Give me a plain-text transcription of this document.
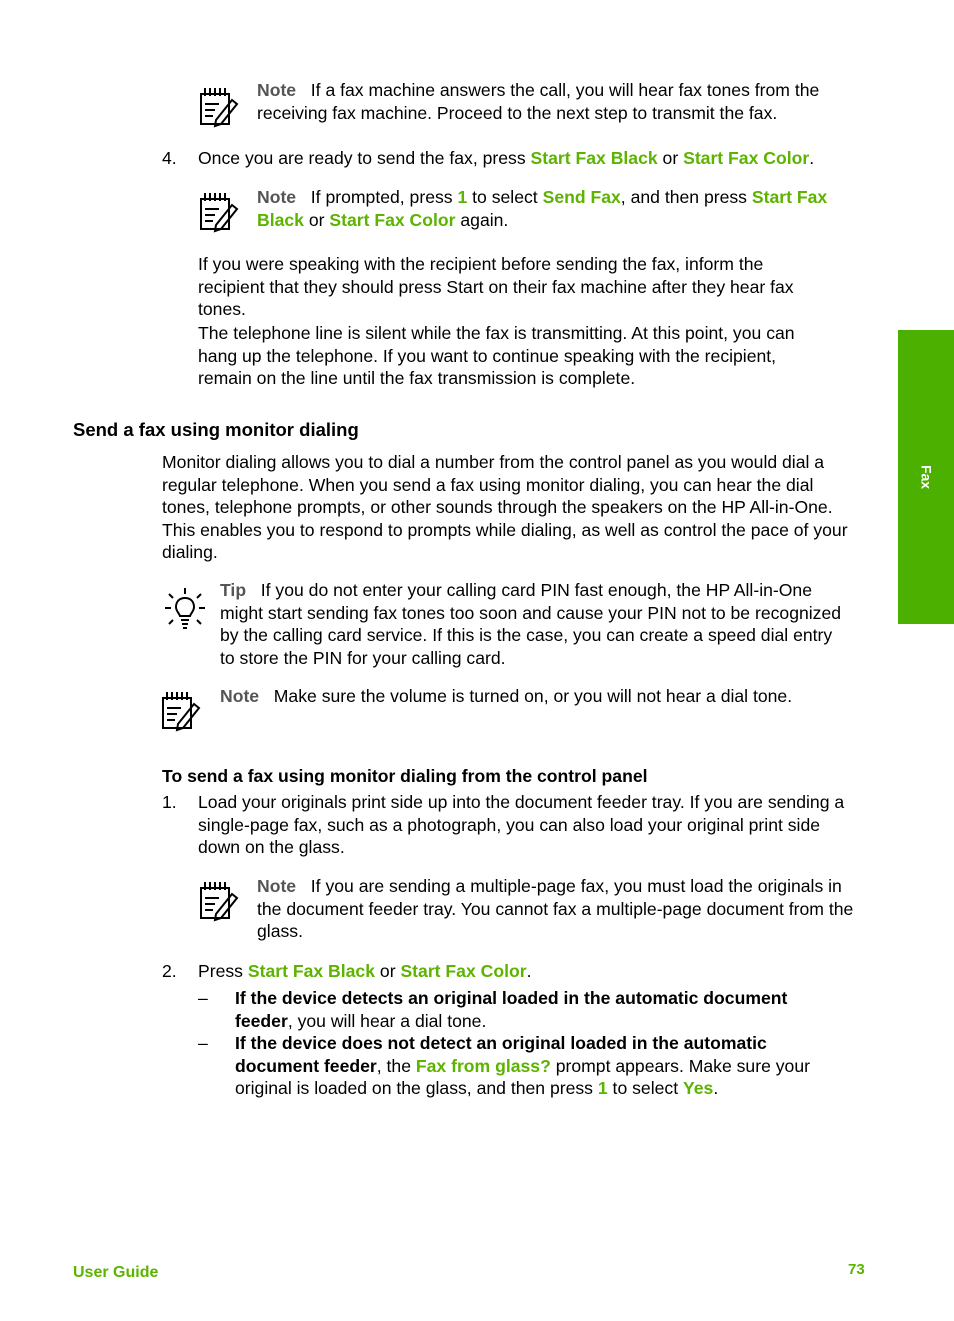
Note If a fax machine answers the call, you will hear fax tones from the receiving fax machine. Proceed to the next step to transmit the fax.

4. Once you are ready to send the fax, press Start Fax Black or Start Fax Color.

Note If prompted, press 1 to select Send Fax, and then press Start Fax Black or Start Fax Color again.

If you were speaking with the recipient before sending the fax, inform the recipient that they should press Start on their fax machine after they hear fax tones.
The telephone line is silent while the fax is transmitting. At this point, you can hang up the telephone. If you want to continue speaking with the recipient, remain on the line until the fax transmission is complete.
Send a fax using monitor dialing
Monitor dialing allows you to dial a number from the control panel as you would dial a regular telephone. When you send a fax using monitor dialing, you can hear the dial tones, telephone prompts, or other sounds through the speakers on the HP All-in-One. This enables you to respond to prompts while dialing, as well as control the pace of your dialing.

Tip If you do not enter your calling card PIN fast enough, the HP All-in-One might start sending fax tones too soon and cause your PIN not to be recognized by the calling card service. If this is the case, you can create a speed dial entry to store the PIN for your calling card.

Note Make sure the volume is turned on, or you will not hear a dial tone.

To send a fax using monitor dialing from the control panel
1. Load your originals print side up into the document feeder tray. If you are sending a single-page fax, such as a photograph, you can also load your original print side down on the glass.

Note If you are sending a multiple-page fax, you must load the originals in the document feeder tray. You cannot fax a multiple-page document from the glass.

2. Press Start Fax Black or Start Fax Color.
– If the device detects an original loaded in the automatic document feeder, you will hear a dial tone.
– If the device does not detect an original loaded in the automatic document feeder, the Fax from glass? prompt appears. Make sure your original is loaded on the glass, and then press 1 to select Yes.
Fax
User Guide	73
